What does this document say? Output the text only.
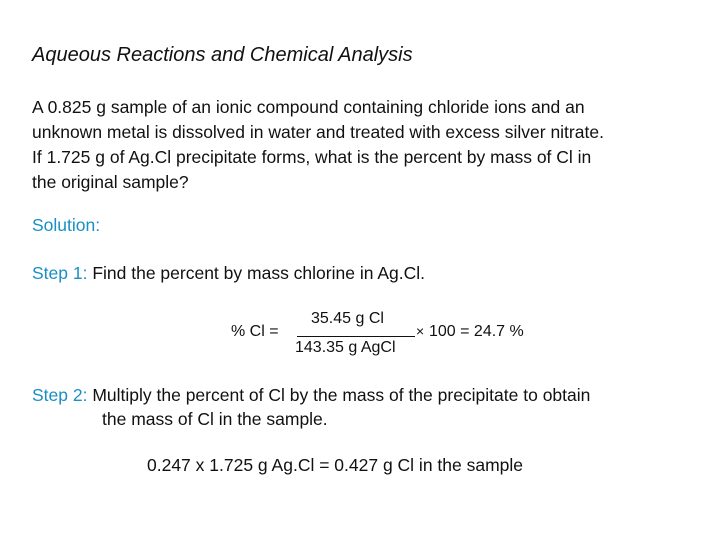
Aqueous Reactions and Chemical Analysis
A 0.825 g sample of an ionic compound containing chloride ions and an
unknown metal is dissolved in water and treated with excess silver nitrate.
If 1.725 g of Ag.Cl precipitate forms, what is the percent by mass of Cl in
the original sample?
Solution:
Step 1: Find the percent by mass chlorine in Ag.Cl.
% Cl =
35.45 g Cl
143.35 g AgCl
× 100 = 24.7 %
Step 2: Multiply the percent of Cl by the mass of the precipitate to obtain
the mass of Cl in the sample.
0.247 x 1.725 g Ag.Cl = 0.427 g Cl in the sample
